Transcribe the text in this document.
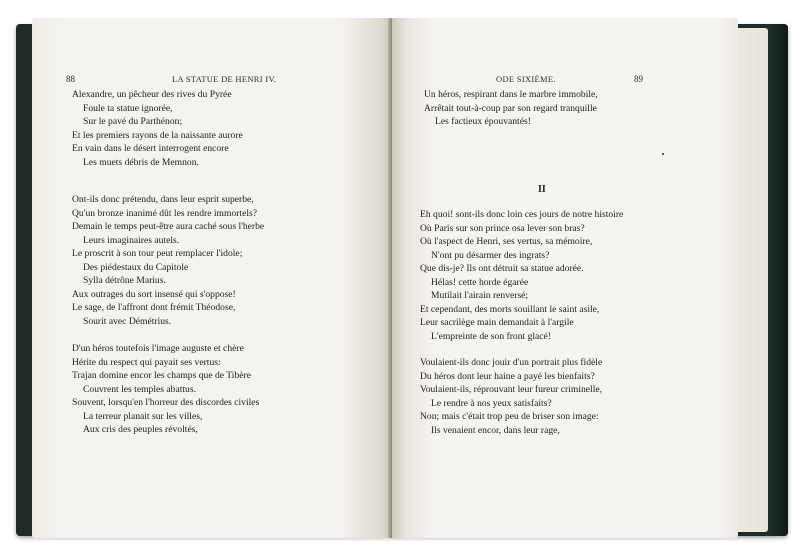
88	LA STATUE DE HENRI IV.
Alexandre, un pêcheur des rives du Pyrée
Foule ta statue ignorée,
Sur le pavé du Parthénon;
Et les premiers rayons de la naissante aurore
En vain dans le désert interrogent encore
Les muets débris de Memnon.
Ont-ils donc prétendu, dans leur esprit superbe,
Qu'un bronze inanimé dût les rendre immortels?
Demain le temps peut-être aura caché sous l'herbe
Leurs imaginaires autels.
Le proscrit à son tour peut remplacer l'idole;
Des piédestaux du Capitole
Sylla détrône Marius.
Aux outrages du sort insensé qui s'oppose!
Le sage, de l'affront dont frémit Théodose,
Sourit avec Démétrius.
D'un héros toutefois l'image auguste et chère
Hérite du respect qui payait ses vertus:
Trajan domine encor les champs que de Tibère
Couvrent les temples abattus.
Souvent, lorsqu'en l'horreur des discordes civiles
La terreur planait sur les villes,
Aux cris des peuples révoltés,
ODE SIXIÈME.	89
Un héros, respirant dans le marbre immobile,
Arrêtait tout-à-coup par son regard tranquille
Les factieux épouvantés!
II
Eh quoi! sont-ils donc loin ces jours de notre histoire
Où Paris sur son prince osa lever son bras?
Où l'aspect de Henri, ses vertus, sa mémoire,
N'ont pu désarmer des ingrats?
Que dis-je? Ils ont détruit sa statue adorée.
Hélas! cette horde égarée
Mutilait l'airain renversé;
Et cependant, des morts souillant le saint asile,
Leur sacrilège main demandait à l'argile
L'empreinte de son front glacé!
Voulaient-ils donc jouir d'un portrait plus fidèle
Du héros dont leur haine a payé les bienfaits?
Voulaient-ils, réprouvant leur fureur criminelle,
Le rendre à nos yeux satisfaits?
Non; mais c'était trop peu de briser son image:
Ils venaient encor, dans leur rage,
